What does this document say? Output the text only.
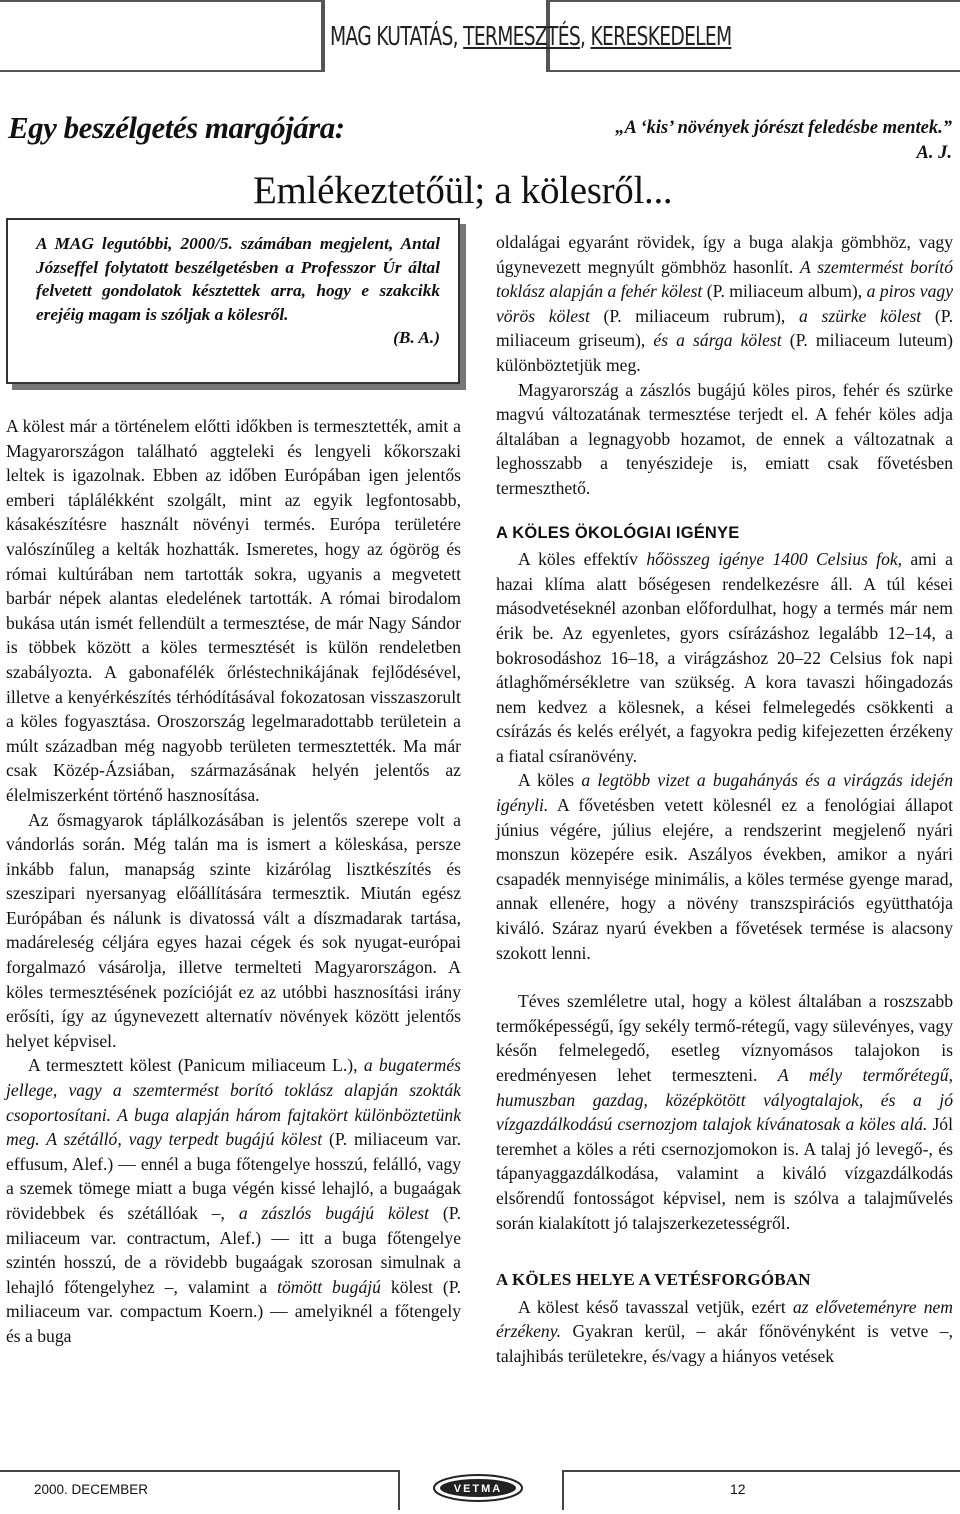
MAG KUTATÁS, TERMESZTÉS, KERESKEDELEM
Egy beszélgetés margójára:	„A ‘kis’ növények jórészt feledésbe mentek.”
A. J.
Emlékeztetőül; a kölesről...
A MAG legutóbbi, 2000/5. számában megjelent, Antal Józseffel folytatott beszélgetésben a Professzor Úr által felvetett gondolatok késztettek arra, hogy e szakcikk erejéig magam is szóljak a kölesről.
(B. A.)

A kölest már a történelem előtti időkben is termesztették, amit a Magyarországon található aggteleki és lengyeli kőkorszaki leltek is igazolnak. Ebben az időben Európában igen jelentős emberi táplálékként szolgált, mint az egyik legfontosabb, kásakészítésre használt növényi termés. Európa területére valószínűleg a kelták hozhatták. Ismeretes, hogy az ógörög és római kultúrában nem tartották sokra, ugyanis a megvetett barbár népek alantas eledelének tartották. A római birodalom bukása után ismét fellendült a termesztése, de már Nagy Sándor is többek között a köles termesztését is külön rendeletben szabályozta. A gabonafélék őrléstechnikájának fejlődésével, illetve a kenyérkészítés térhódításával fokozatosan visszaszorult a köles fogyasztása. Oroszország legelmaradottabb területein a múlt században még nagyobb területen termesztették. Ma már csak Közép-Ázsiában, származásának helyén jelentős az élelmiszerként történő hasznosítása.

Az ősmagyarok táplálkozásában is jelentős szerepe volt a vándorlás során. Még talán ma is ismert a köleskása, persze inkább falun, manapság szinte kizárólag lisztkészítés és szeszipari nyersanyag előállítására termesztik. Miután egész Európában és nálunk is divatossá vált a díszmadarak tartása, madáreleség céljára egyes hazai cégek és sok nyugat-európai forgalmazó vásárolja, illetve termelteti Magyarországon. A köles termesztésének pozícióját ez az utóbbi hasznosítási irány erősíti, így az úgynevezett alternatív növények között jelentős helyet képvisel.

A termesztett kölest (Panicum miliaceum L.), a bugatermés jellege, vagy a szemtermést borító toklász alapján szokták csoportosítani. A buga alapján három fajtakört különböztetünk meg. A szétálló, vagy terpedt bugájú kölest (P. miliaceum var. effusum, Alef.) — ennél a buga főtengelye hosszú, felálló, vagy a szemek tömege miatt a buga végén kissé lehajló, a bugaágak rövidebbek és szétállóak –, a zászlós bugájú kölest (P. miliaceum var. contractum, Alef.) — itt a buga főtengelye szintén hosszú, de a rövidebb bugaágak szorosan simulnak a lehajló főtengelyhez –, valamint a tömött bugájú kölest (P. miliaceum var. compactum Koern.) — amelyiknél a főtengely és a buga

oldalágai egyaránt rövidek, így a buga alakja gömbhöz, vagy úgynevezett megnyúlt gömbhöz hasonlít. A szemtermést borító toklász alapján a fehér kölest (P. miliaceum album), a piros vagy vörös kölest (P. miliaceum rubrum), a szürke kölest (P. miliaceum griseum), és a sárga kölest (P. miliaceum luteum) különböztetjük meg.

Magyarország a zászlós bugájú köles piros, fehér és szürke magvú változatának termesztése terjedt el. A fehér köles adja általában a legnagyobb hozamot, de ennek a változatnak a leghosszabb a tenyészideje is, emiatt csak fővetésben termeszthető.

A KÖLES ÖKOLÓGIAI IGÉNYE

A köles effektív hőösszeg igénye 1400 Celsius fok, ami a hazai klíma alatt bőségesen rendelkezésre áll. A túl kései másodvetéseknél azonban előfordulhat, hogy a termés már nem érik be. Az egyenletes, gyors csírázáshoz legalább 12–14, a bokrosodáshoz 16–18, a virágzáshoz 20–22 Celsius fok napi átlaghőmérsékletre van szükség. A kora tavaszi hőingadozás nem kedvez a kölesnek, a kései felmelegedés csökkenti a csírázás és kelés erélyét, a fagyokra pedig kifejezetten érzékeny a fiatal csíranövény.

A köles a legtöbb vizet a bugahányás és a virágzás idején igényli. A fővetésben vetett kölesnél ez a fenológiai állapot június végére, július elejére, a rendszerint megjelenő nyári monszun közepére esik. Aszályos években, amikor a nyári csapadék mennyisége minimális, a köles termése gyenge marad, annak ellenére, hogy a növény transzspirációs együtthatója kiváló. Száraz nyarú években a fővetések termése is alacsony szokott lenni.

Téves szemléletre utal, hogy a kölest általában a roszszabb termőképességű, így sekély termő-rétegű, vagy sülevényes, vagy későn felmelegedő, esetleg víznyomásos talajokon is eredményesen lehet termeszteni. A mély termőrétegű, humuszban gazdag, középkötött vályogtalajok, és a jó vízgazdálkodású csernozjom talajok kívánatosak a köles alá. Jól teremhet a köles a réti csernozjomokon is. A talaj jó levegő-, és tápanyaggazdálkodása, valamint a kiváló vízgazdálkodás elsőrendű fontosságot képvisel, nem is szólva a talajművelés során kialakított jó talajszerkezetességről.

A KÖLES HELYE A VETÉSFORGÓBAN

A kölest késő tavasszal vetjük, ezért az előveteményre nem érzékeny. Gyakran kerül, – akár főnövényként is vetve –, talajhibás területekre, és/vagy a hiányos vetések

2000. DECEMBER	12
VETMA
